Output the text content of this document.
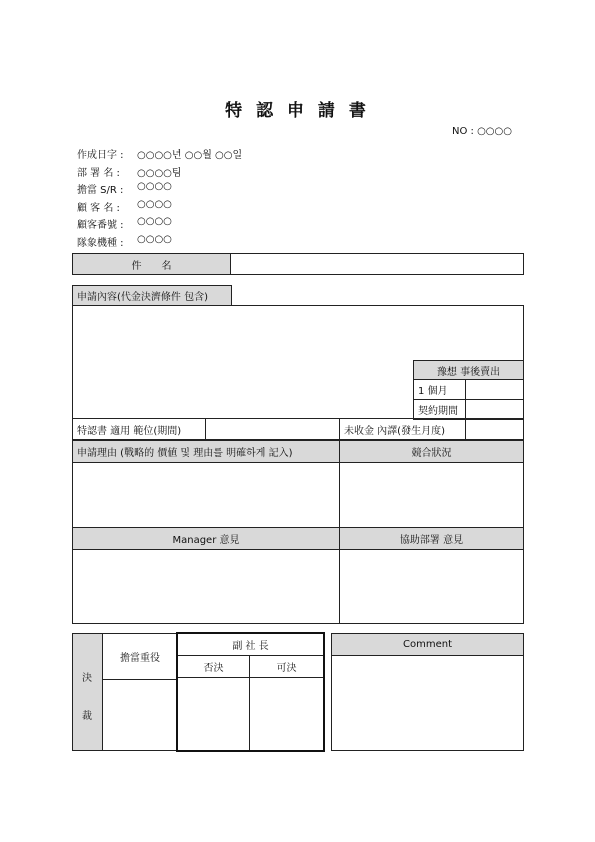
特 認 申 請 書
NO : ○○○○
作成日字 : ○○○○년 ○○월 ○○일
部 署 名 : ○○○○팀
擔當 S/R : ○○○○
顧 客 名 : ○○○○
顧客番號 : ○○○○
隊象機種 : ○○○○
件　　名
申請內容(代金決濟條件 包含)
豫想 事後賣出
1 個月
契約期間
特認書 適用 範位(期間)	未收金 內譯(發生月度)
申請理由 (戰略的 價値 및 理由를 明確하게 記入)	競合狀況
Manager 意見	協助部署 意見
決
裁
擔當重役
副 社 長
否決	可決
Comment
